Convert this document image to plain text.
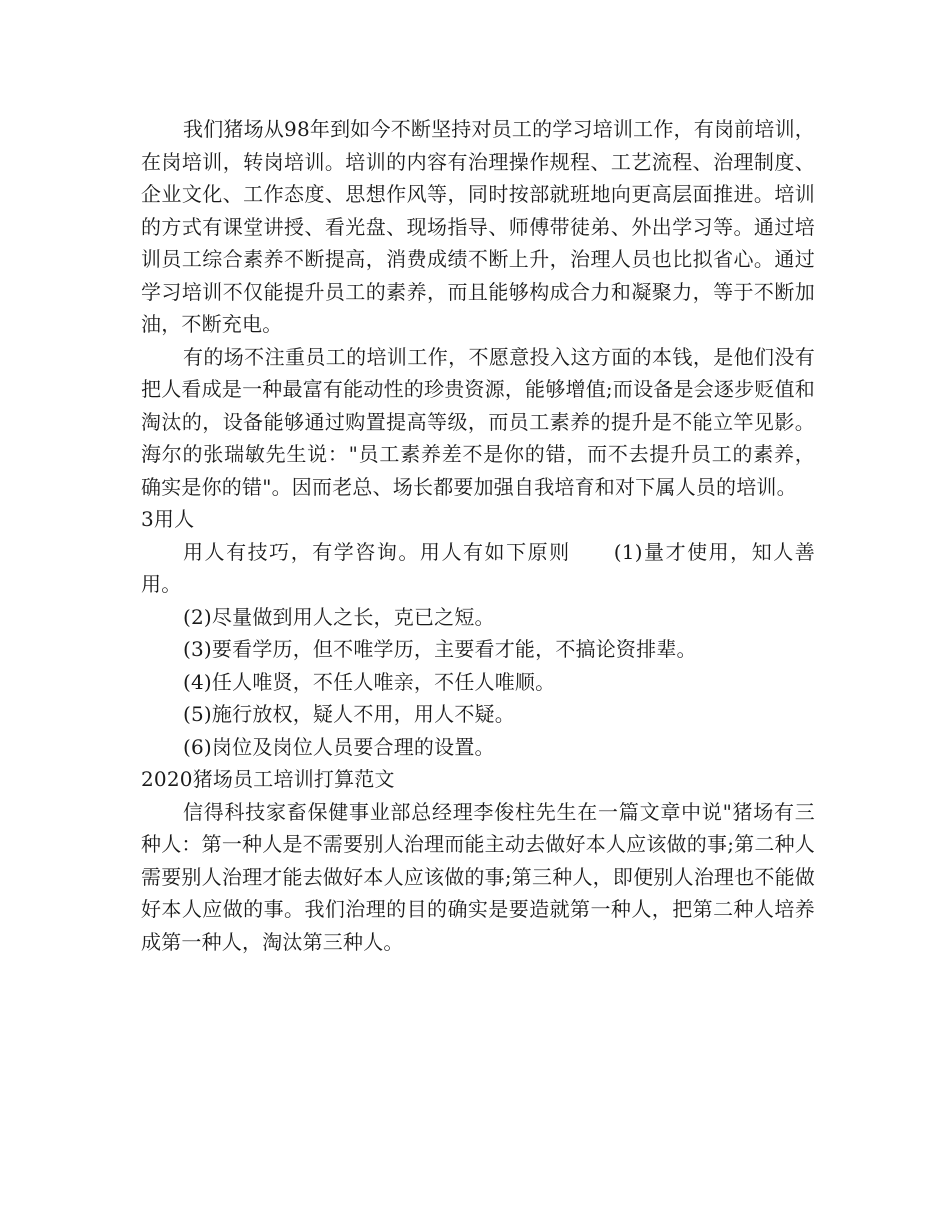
我们猪场从98年到如今不断坚持对员工的学习培训工作，有岗前培训，在岗培训，转岗培训。培训的内容有治理操作规程、工艺流程、治理制度、企业文化、工作态度、思想作风等，同时按部就班地向更高层面推进。培训的方式有课堂讲授、看光盘、现场指导、师傅带徒弟、外出学习等。通过培训员工综合素养不断提高，消费成绩不断上升，治理人员也比拟省心。通过学习培训不仅能提升员工的素养，而且能够构成合力和凝聚力，等于不断加油，不断充电。

有的场不注重员工的培训工作，不愿意投入这方面的本钱，是他们没有把人看成是一种最富有能动性的珍贵资源，能够增值;而设备是会逐步贬值和淘汰的，设备能够通过购置提高等级，而员工素养的提升是不能立竿见影。海尔的张瑞敏先生说："员工素养差不是你的错，而不去提升员工的素养，确实是你的错"。因而老总、场长都要加强自我培育和对下属人员的培训。

3用人

用人有技巧，有学咨询。用人有如下原则　　(1)量才使用，知人善用。

(2)尽量做到用人之长，克已之短。

(3)要看学历，但不唯学历，主要看才能，不搞论资排辈。

(4)任人唯贤，不任人唯亲，不任人唯顺。

(5)施行放权，疑人不用，用人不疑。

(6)岗位及岗位人员要合理的设置。

2020猪场员工培训打算范文

信得科技家畜保健事业部总经理李俊柱先生在一篇文章中说"猪场有三种人：第一种人是不需要别人治理而能主动去做好本人应该做的事;第二种人需要别人治理才能去做好本人应该做的事;第三种人，即便别人治理也不能做好本人应做的事。我们治理的目的确实是要造就第一种人，把第二种人培养成第一种人，淘汰第三种人。
